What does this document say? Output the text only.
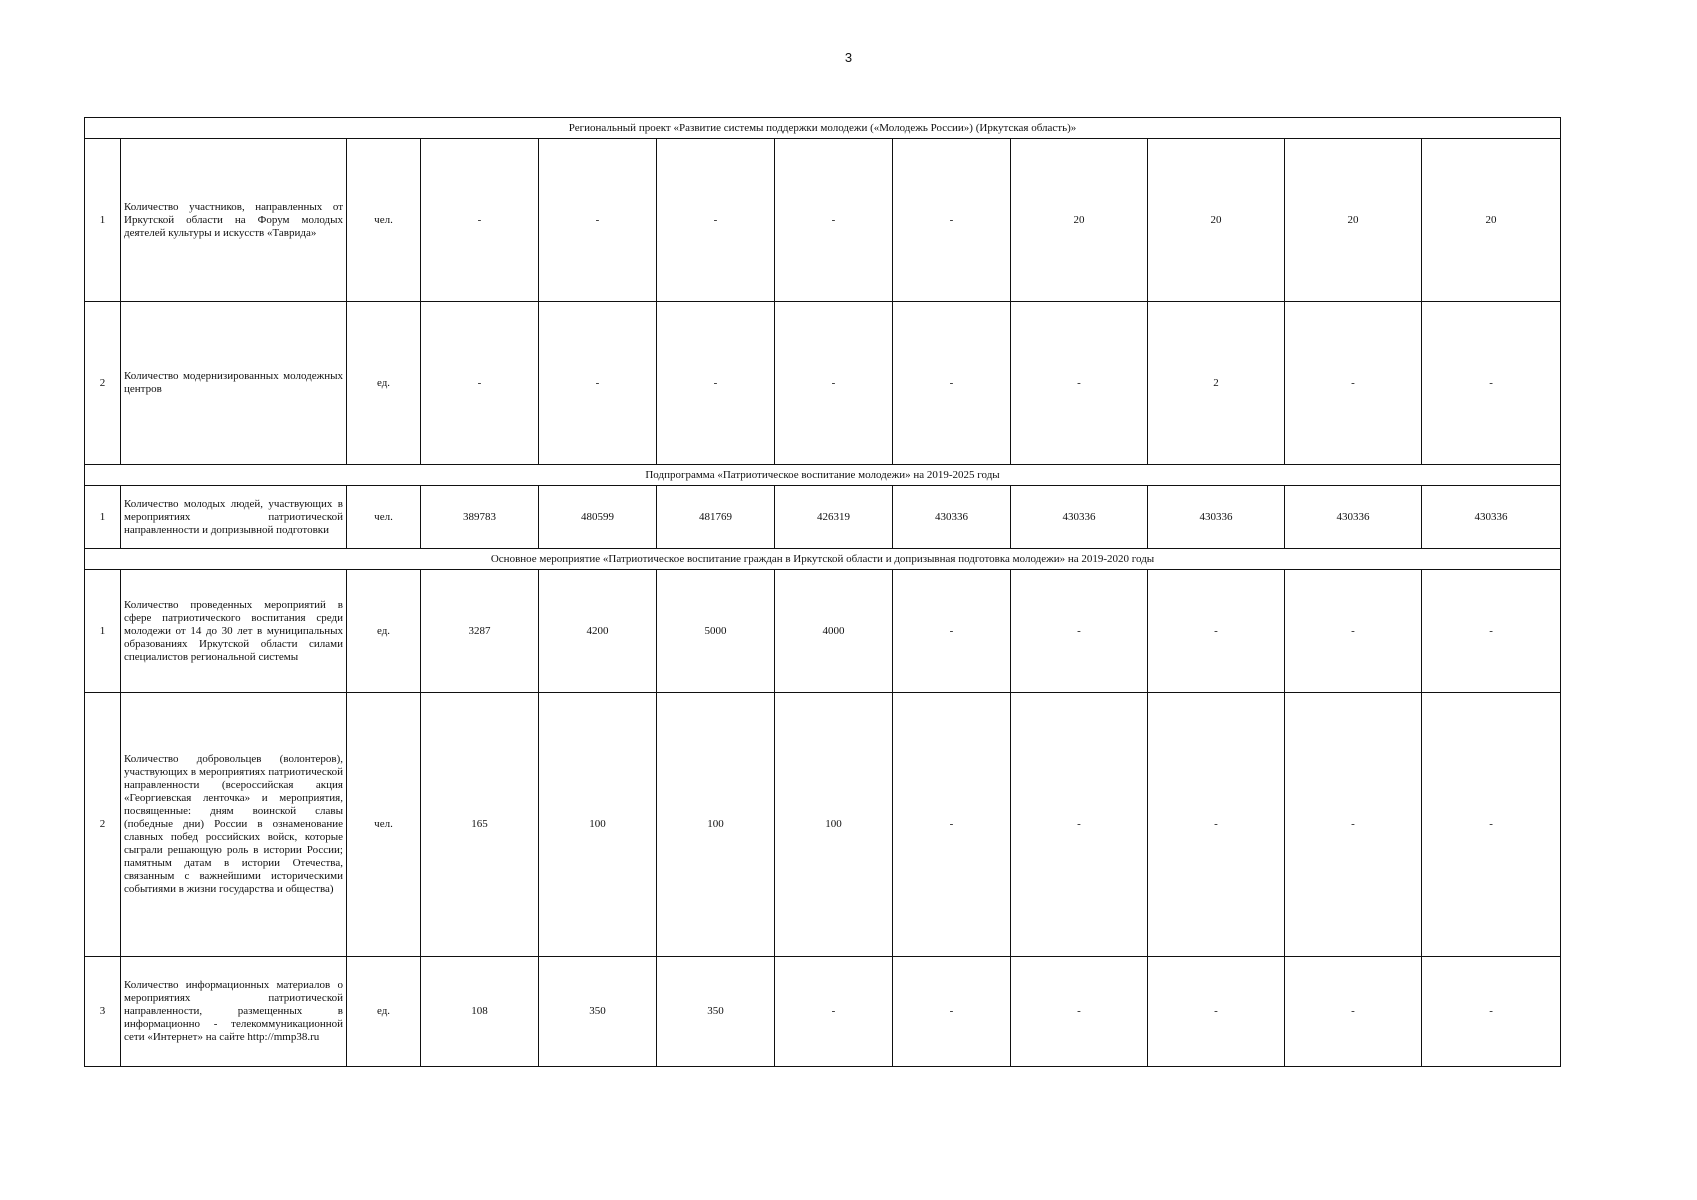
3
Региональный проект «Развитие системы поддержки молодежи («Молодежь России») (Иркутская область)»											
1	Количество участников, направленных от Иркутской области на Форум молодых деятелей культуры и искусств «Таврида»	чел.	-	-	-	-	-	20	20	20	20
2	Количество модернизированных молодежных центров	ед.	-	-	-	-	-	-	2	-	-
Подпрограмма «Патриотическое воспитание молодежи» на 2019-2025 годы											
1	Количество молодых людей, участвующих в мероприятиях патриотической направленности и допризывной подготовки	чел.	389783	480599	481769	426319	430336	430336	430336	430336	430336
Основное мероприятие «Патриотическое воспитание граждан в Иркутской области и допризывная подготовка молодежи» на 2019-2020 годы											
1	Количество проведенных мероприятий в сфере патриотического воспитания среди молодежи от 14 до 30 лет в муниципальных образованиях Иркутской области силами специалистов региональной системы	ед.	3287	4200	5000	4000	-	-	-	-	-
2	Количество добровольцев (волонтеров), участвующих в мероприятиях патриотической направленности (всероссийская акция «Георгиевская ленточка» и мероприятия, посвященные: дням воинской славы (победные дни) России в ознаменование славных побед российских войск, которые сыграли решающую роль в истории России; памятным датам в истории Отечества, связанным с важнейшими историческими событиями в жизни государства и общества)	чел.	165	100	100	100	-	-	-	-	-
3	Количество информационных материалов о мероприятиях патриотической направленности, размещенных в информационно - телекоммуникационной сети «Интернет» на сайте http://mmp38.ru	ед.	108	350	350	-	-	-	-	-	-
